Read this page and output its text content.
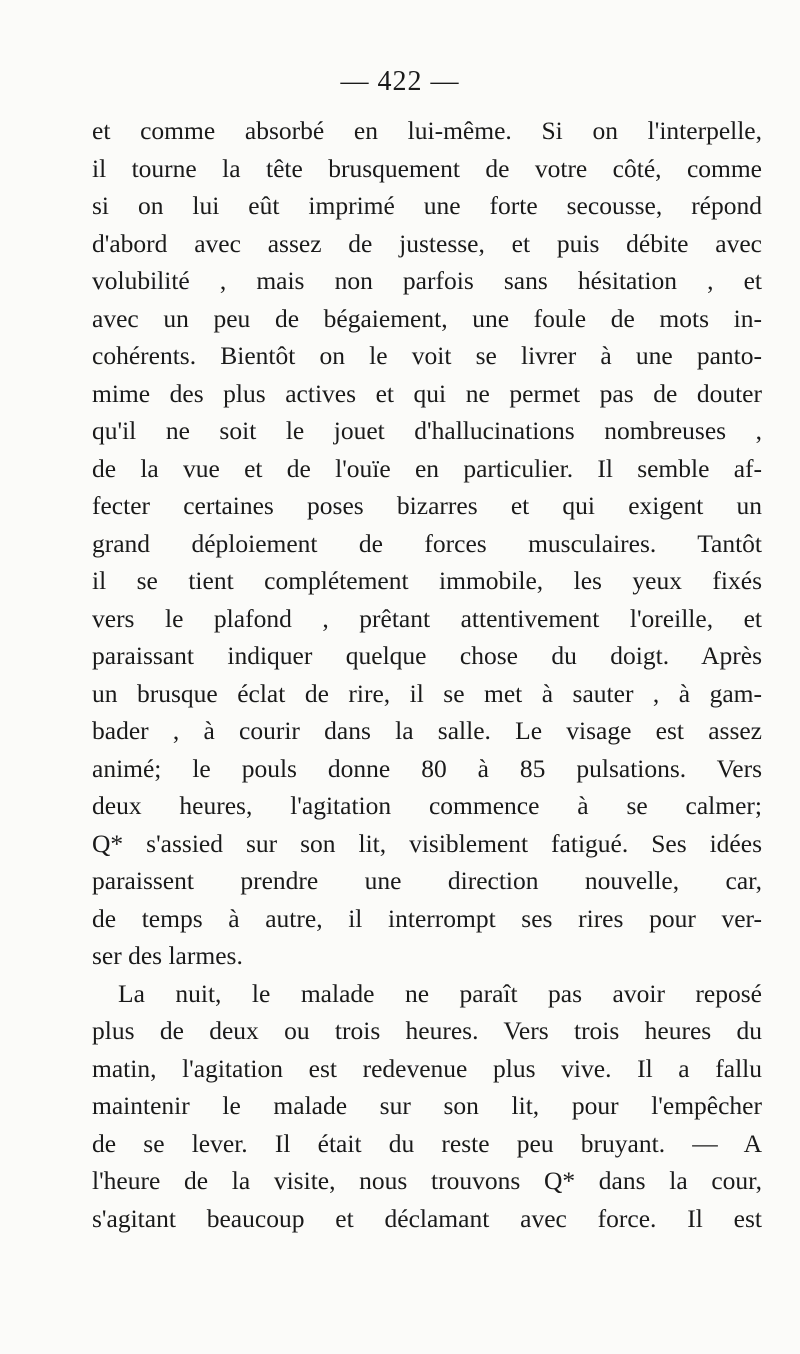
— 422 —
et comme absorbé en lui-même. Si on l'interpelle,
il tourne la tête brusquement de votre côté, comme
si on lui eût imprimé une forte secousse, répond
d'abord avec assez de justesse, et puis débite avec
volubilité , mais non parfois sans hésitation , et
avec un peu de bégaiement, une foule de mots in-
cohérents. Bientôt on le voit se livrer à une panto-
mime des plus actives et qui ne permet pas de douter
qu'il ne soit le jouet d'hallucinations nombreuses ,
de la vue et de l'ouïe en particulier. Il semble af-
fecter certaines poses bizarres et qui exigent un
grand déploiement de forces musculaires. Tantôt
il se tient complétement immobile, les yeux fixés
vers le plafond , prêtant attentivement l'oreille, et
paraissant indiquer quelque chose du doigt. Après
un brusque éclat de rire, il se met à sauter , à gam-
bader , à courir dans la salle. Le visage est assez
animé; le pouls donne 80 à 85 pulsations. Vers
deux heures, l'agitation commence à se calmer;
Q* s'assied sur son lit, visiblement fatigué. Ses idées
paraissent prendre une direction nouvelle, car,
de temps à autre, il interrompt ses rires pour ver-
ser des larmes.
La nuit, le malade ne paraît pas avoir reposé
plus de deux ou trois heures. Vers trois heures du
matin, l'agitation est redevenue plus vive. Il a fallu
maintenir le malade sur son lit, pour l'empêcher
de se lever. Il était du reste peu bruyant. — A
l'heure de la visite, nous trouvons Q* dans la cour,
s'agitant beaucoup et déclamant avec force. Il est
